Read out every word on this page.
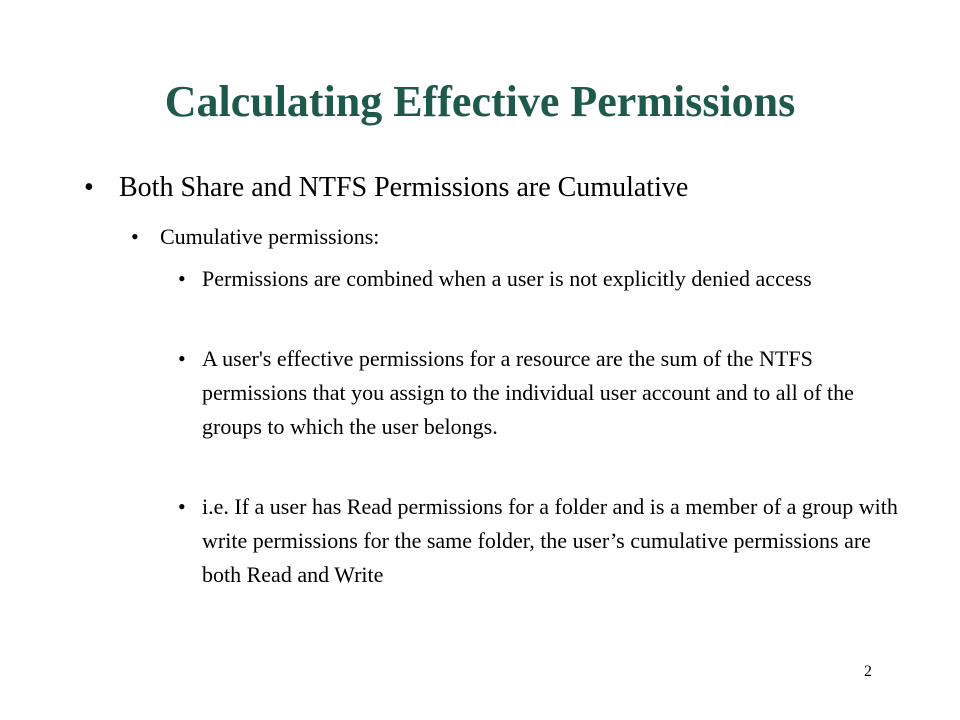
Calculating Effective Permissions
• Both Share and NTFS Permissions are Cumulative
• Cumulative permissions:
• Permissions are combined when a user is not explicitly denied access
• A user's effective permissions for a resource are the sum of the NTFS permissions that you assign to the individual user account and to all of the groups to which the user belongs.
• i.e. If a user has Read permissions for a folder and is a member of a group with write permissions for the same folder, the user’s cumulative permissions are both Read and Write
2
